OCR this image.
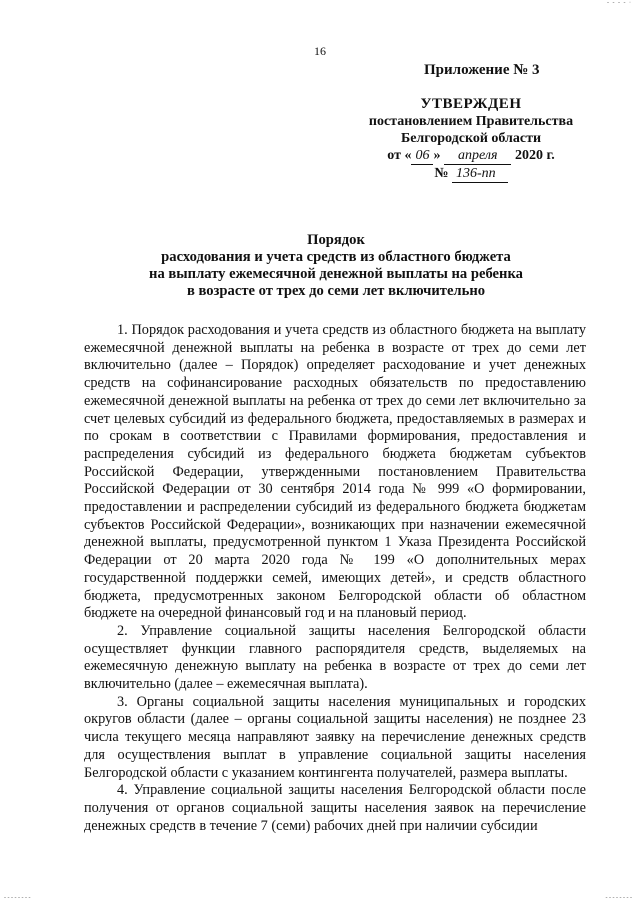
- - - - ·
- - - - - - - -	- - - - - - - -
16
Приложение № 3
УТВЕРЖДЕН
постановлением Правительства
Белгородской области
от « 06 » апреля 2020 г.
№ 136-пп
Порядок
расходования и учета средств из областного бюджета
на выплату ежемесячной денежной выплаты на ребенка
в возрасте от трех до семи лет включительно

1. Порядок расходования и учета средств из областного бюджета на выплату ежемесячной денежной выплаты на ребенка в возрасте от трех до семи лет включительно (далее – Порядок) определяет расходование и учет денежных средств на софинансирование расходных обязательств по предоставлению ежемесячной денежной выплаты на ребенка от трех до семи лет включительно за счет целевых субсидий из федерального бюджета, предоставляемых в размерах и по срокам в соответствии с Правилами формирования, предоставления и распределения субсидий из федерального бюджета бюджетам субъектов Российской Федерации, утвержденными постановлением Правительства Российской Федерации от 30 сентября 2014 года № 999 «О формировании, предоставлении и распределении субсидий из федерального бюджета бюджетам субъектов Российской Федерации», возникающих при назначении ежемесячной денежной выплаты, предусмотренной пунктом 1 Указа Президента Российской Федерации от 20 марта 2020 года № 199 «О дополнительных мерах государственной поддержки семей, имеющих детей», и средств областного бюджета, предусмотренных законом Белгородской области об областном бюджете на очередной финансовый год и на плановый период.

2. Управление социальной защиты населения Белгородской области осуществляет функции главного распорядителя средств, выделяемых на ежемесячную денежную выплату на ребенка в возрасте от трех до семи лет включительно (далее – ежемесячная выплата).

3. Органы социальной защиты населения муниципальных и городских округов области (далее – органы социальной защиты населения) не позднее 23 числа текущего месяца направляют заявку на перечисление денежных средств для осуществления выплат в управление социальной защиты населения Белгородской области с указанием контингента получателей, размера выплаты.

4. Управление социальной защиты населения Белгородской области после получения от органов социальной защиты населения заявок на перечисление денежных средств в течение 7 (семи) рабочих дней при наличии субсидии
